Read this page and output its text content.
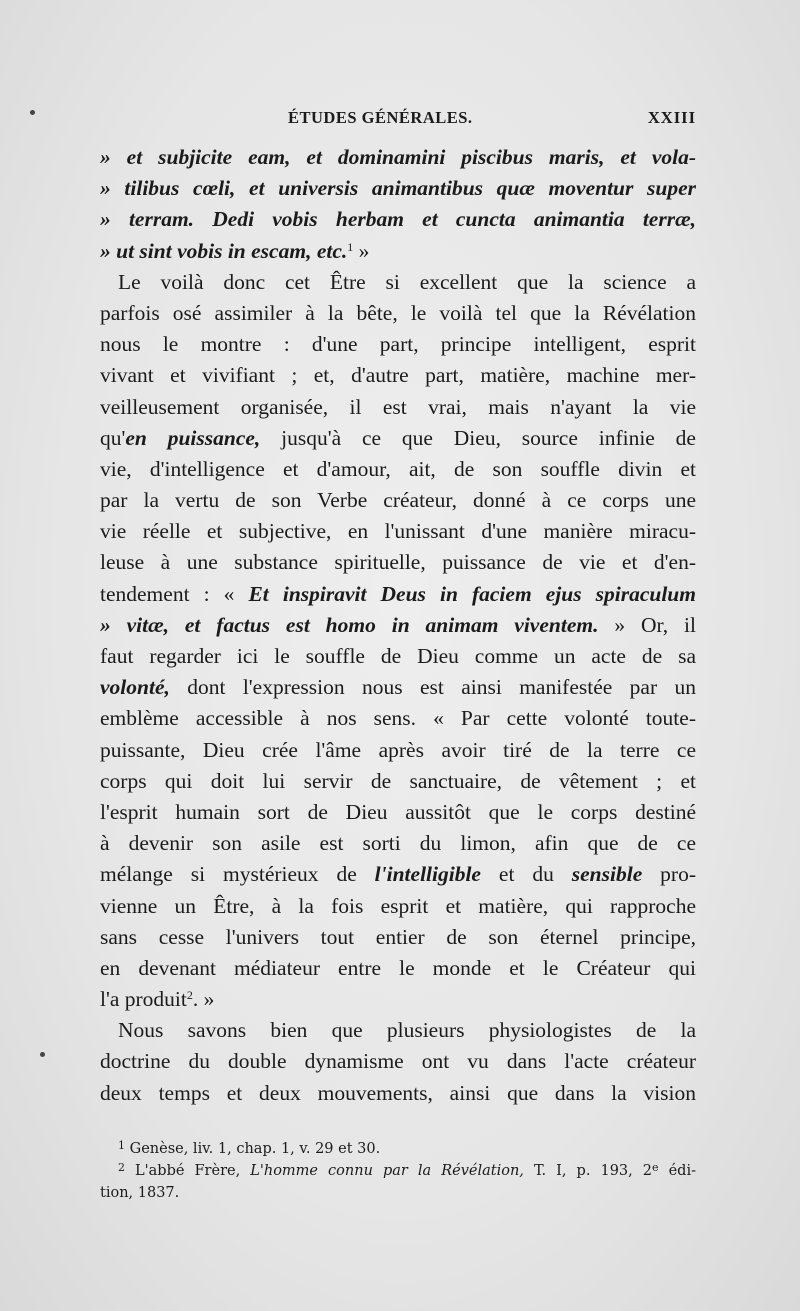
ÉTUDES GÉNÉRALES.	XXIII
» et subjicite eam, et dominamini piscibus maris, et vola-
» tilibus cœli, et universis animantibus quæ moventur super
» terram. Dedi vobis herbam et cuncta animantia terræ,
» ut sint vobis in escam, etc.$^1$ »
Le voilà donc cet Être si excellent que la science a
parfois osé assimiler à la bête, le voilà tel que la Révélation
nous le montre : d'une part, principe intelligent, esprit
vivant et vivifiant ; et, d'autre part, matière, machine mer-
veilleusement organisée, il est vrai, mais n'ayant la vie
qu'en puissance, jusqu'à ce que Dieu, source infinie de
vie, d'intelligence et d'amour, ait, de son souffle divin et
par la vertu de son Verbe créateur, donné à ce corps une
vie réelle et subjective, en l'unissant d'une manière miracu-
leuse à une substance spirituelle, puissance de vie et d'en-
tendement : « Et inspiravit Deus in faciem ejus spiraculum
» vitæ, et factus est homo in animam viventem. » Or, il
faut regarder ici le souffle de Dieu comme un acte de sa
volonté, dont l'expression nous est ainsi manifestée par un
emblème accessible à nos sens. « Par cette volonté toute-
puissante, Dieu crée l'âme après avoir tiré de la terre ce
corps qui doit lui servir de sanctuaire, de vêtement ; et
l'esprit humain sort de Dieu aussitôt que le corps destiné
à devenir son asile est sorti du limon, afin que de ce
mélange si mystérieux de l'intelligible et du sensible pro-
vienne un Être, à la fois esprit et matière, qui rapproche
sans cesse l'univers tout entier de son éternel principe,
en devenant médiateur entre le monde et le Créateur qui
l'a produit$^2$. »
Nous savons bien que plusieurs physiologistes de la
doctrine du double dynamisme ont vu dans l'acte créateur
deux temps et deux mouvements, ainsi que dans la vision
$^1$ Genèse, liv. 1, chap. 1, v. 29 et 30.
$^2$ L'abbé Frère, L'homme connu par la Révélation, T. I, p. 193, 2e édi-
tion, 1837.
